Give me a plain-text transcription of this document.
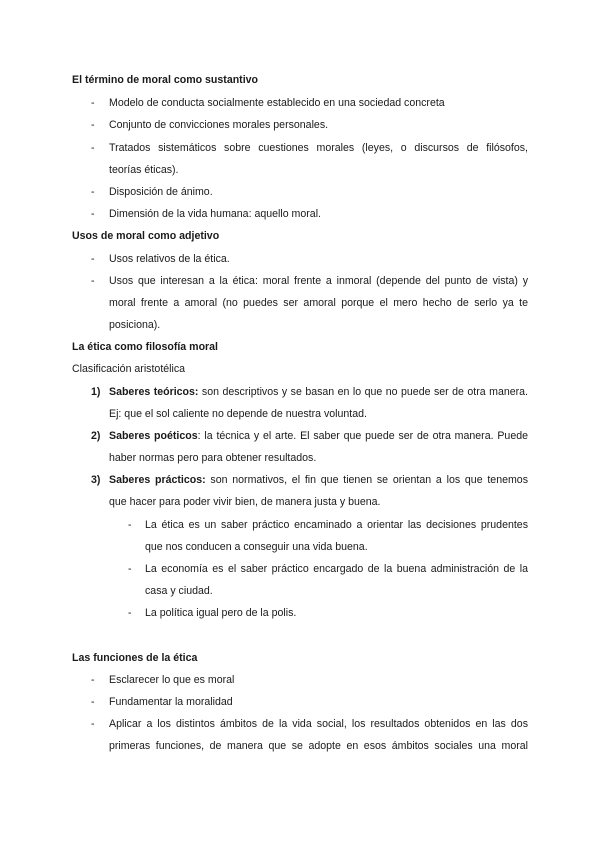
El término de moral como sustantivo
- Modelo de conducta socialmente establecido en una sociedad concreta
- Conjunto de convicciones morales personales.
- Tratados sistemáticos sobre cuestiones morales (leyes, o discursos de filósofos,
teorías éticas).
- Disposición de ánimo.
- Dimensión de la vida humana: aquello moral.
Usos de moral como adjetivo
- Usos relativos de la ética.
- Usos que interesan a la ética: moral frente a inmoral (depende del punto de vista) y
moral frente a amoral (no puedes ser amoral porque el mero hecho de serlo ya te
posiciona).
La ética como filosofía moral
Clasificación aristotélica
1) Saberes teóricos: son descriptivos y se basan en lo que no puede ser de otra manera.
Ej: que el sol caliente no depende de nuestra voluntad.
2) Saberes poéticos: la técnica y el arte. El saber que puede ser de otra manera. Puede
haber normas pero para obtener resultados.
3) Saberes prácticos: son normativos, el fin que tienen se orientan a los que tenemos
que hacer para poder vivir bien, de manera justa y buena.
- La ética es un saber práctico encaminado a orientar las decisiones prudentes
que nos conducen a conseguir una vida buena.
- La economía es el saber práctico encargado de la buena administración de la
casa y ciudad.
- La política igual pero de la polis.
Las funciones de la ética
- Esclarecer lo que es moral
- Fundamentar la moralidad
- Aplicar a los distintos ámbitos de la vida social, los resultados obtenidos en las dos
primeras funciones, de manera que se adopte en esos ámbitos sociales una moral
